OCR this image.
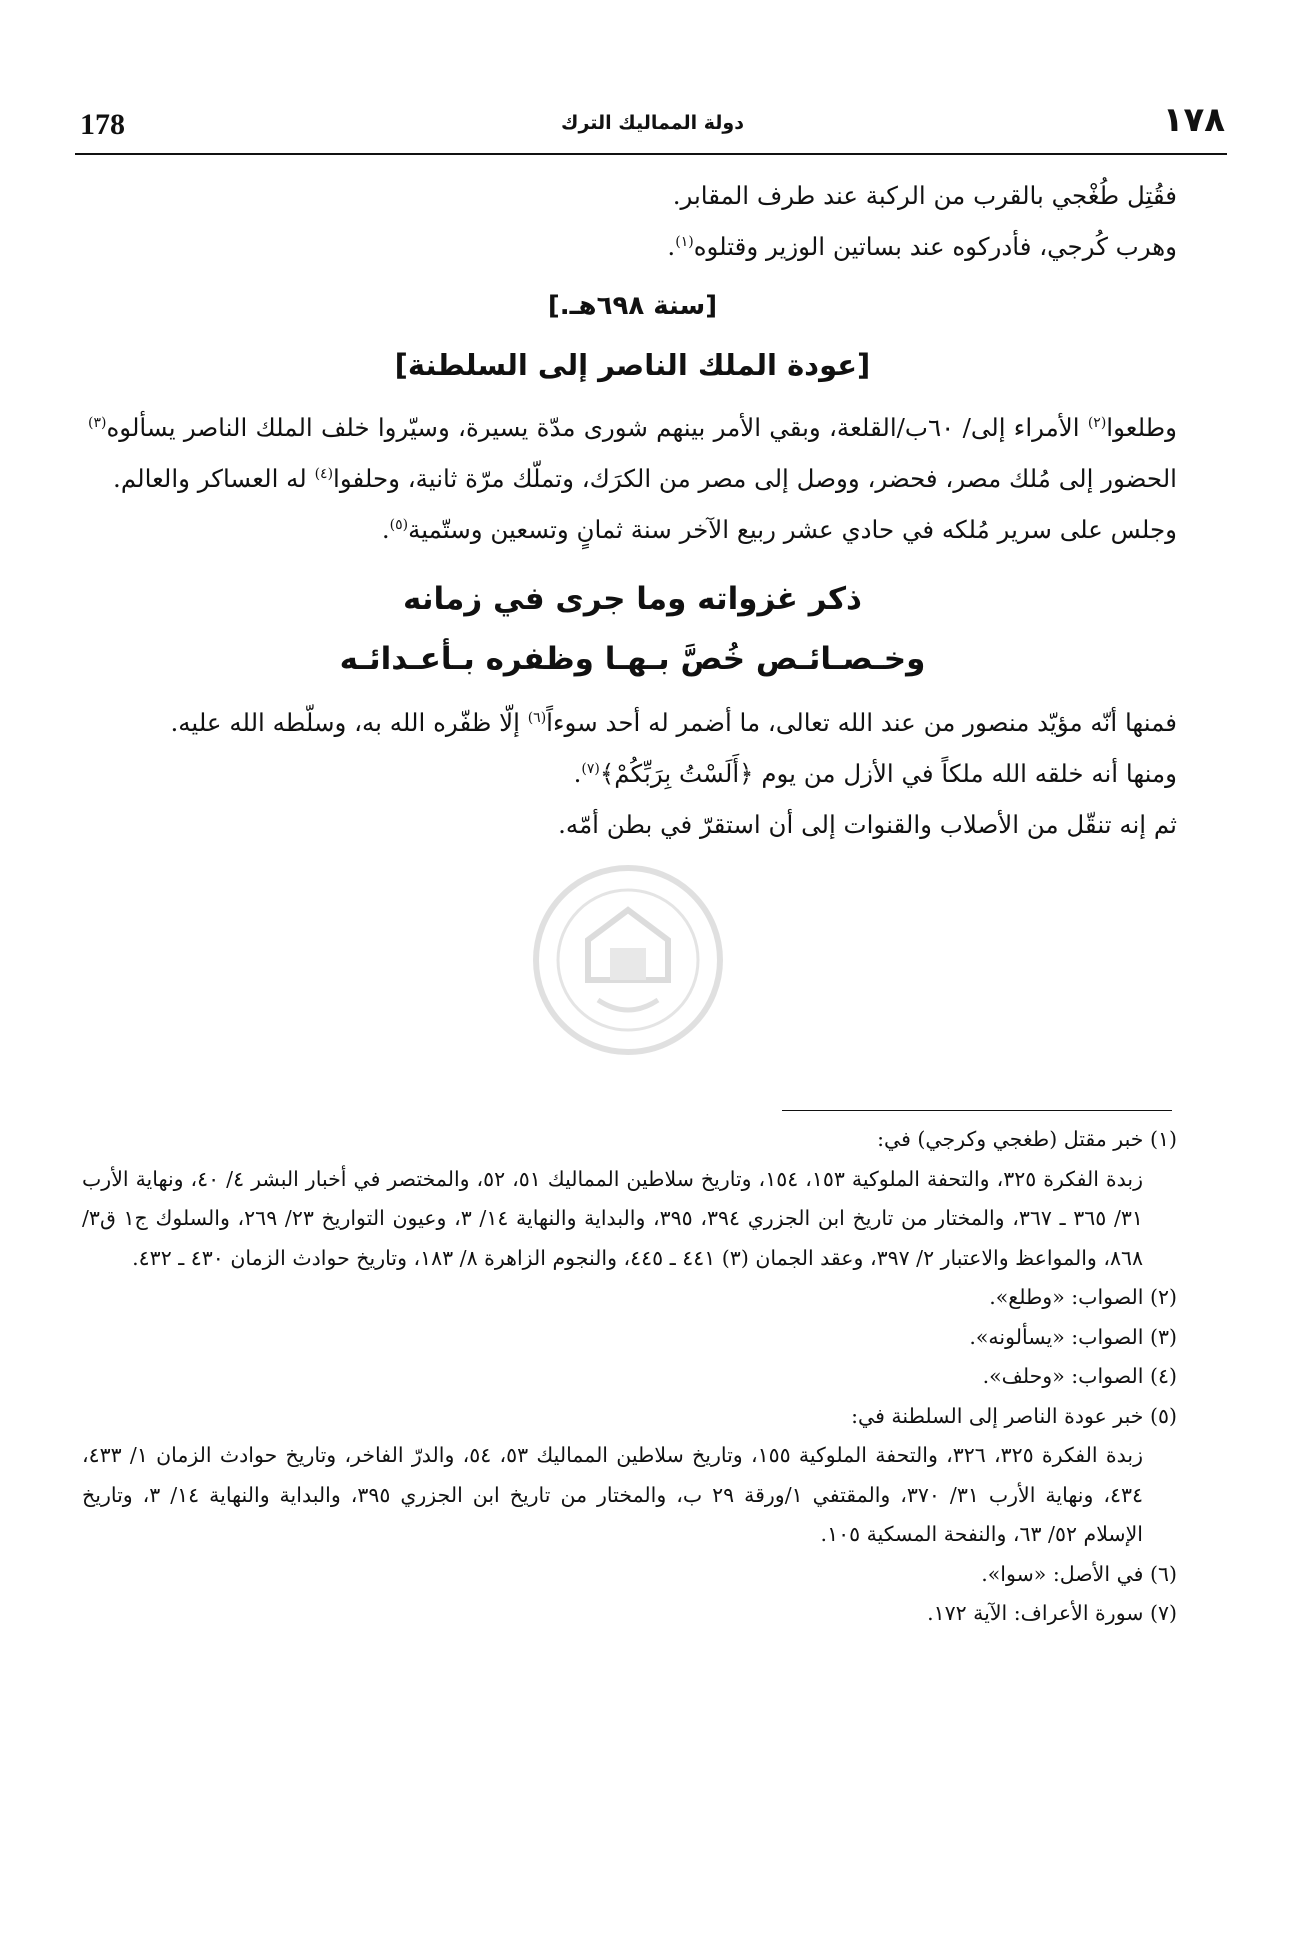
178	دولة المماليك الترك	١٧٨

فقُتِل طُغْجي بالقرب من الركبة عند طرف المقابر.

وهرب كُرجي، فأدركوه عند بساتين الوزير وقتلوه$^{(١)}$.

[سنة ٦٩٨هـ.]
[عودة الملك الناصر إلى السلطنة]

وطلعوا$^{(٢)}$ الأمراء إلى/ ٦٠ب/القلعة، وبقي الأمر بينهم شورى مدّة يسيرة، وسيّروا خلف الملك الناصر يسألوه$^{(٣)}$ الحضور إلى مُلك مصر، فحضر، ووصل إلى مصر من الكرَك، وتملّك مرّة ثانية، وحلفوا$^{(٤)}$ له العساكر والعالم.

وجلس على سرير مُلكه في حادي عشر ربيع الآخر سنة ثمانٍ وتسعين وستّمية$^{(٥)}$.

ذكر غزواته وما جرى في زمانه
وخـصـائـص خُصَّ بـهـا وظفره بـأعـدائـه

فمنها أنّه مؤيّد منصور من عند الله تعالى، ما أضمر له أحد سوءاً$^{(٦)}$ إلّا ظفّره الله به، وسلّطه الله عليه.

ومنها أنه خلقه الله ملكاً في الأزل من يوم ﴿أَلَسْتُ بِرَبِّكُمْ﴾$^{(٧)}$.

ثم إنه تنقّل من الأصلاب والقنوات إلى أن استقرّ في بطن أمّه.

(١) خبر مقتل (طغجي وكرجي) في:

زبدة الفكرة ٣٢٥، والتحفة الملوكية ١٥٣، ١٥٤، وتاريخ سلاطين المماليك ٥١، ٥٢، والمختصر في أخبار البشر ٤/ ٤٠، ونهاية الأرب ٣١/ ٣٦٥ ـ ٣٦٧، والمختار من تاريخ ابن الجزري ٣٩٤، ٣٩٥، والبداية والنهاية ١٤/ ٣، وعيون التواريخ ٢٣/ ٢٦٩، والسلوك ج١ ق٣/ ٨٦٨، والمواعظ والاعتبار ٢/ ٣٩٧، وعقد الجمان (٣) ٤٤١ ـ ٤٤٥، والنجوم الزاهرة ٨/ ١٨٣، وتاريخ حوادث الزمان ٤٣٠ ـ ٤٣٢.

(٢) الصواب: «وطلع».

(٣) الصواب: «يسألونه».

(٤) الصواب: «وحلف».

(٥) خبر عودة الناصر إلى السلطنة في:

زبدة الفكرة ٣٢٥، ٣٢٦، والتحفة الملوكية ١٥٥، وتاريخ سلاطين المماليك ٥٣، ٥٤، والدرّ الفاخر، وتاريخ حوادث الزمان ١/ ٤٣٣، ٤٣٤، ونهاية الأرب ٣١/ ٣٧٠، والمقتفي ١/ورقة ٢٩ ب، والمختار من تاريخ ابن الجزري ٣٩٥، والبداية والنهاية ١٤/ ٣، وتاريخ الإسلام ٥٢/ ٦٣، والنفحة المسكية ١٠٥.

(٦) في الأصل: «سوا».

(٧) سورة الأعراف: الآية ١٧٢.
